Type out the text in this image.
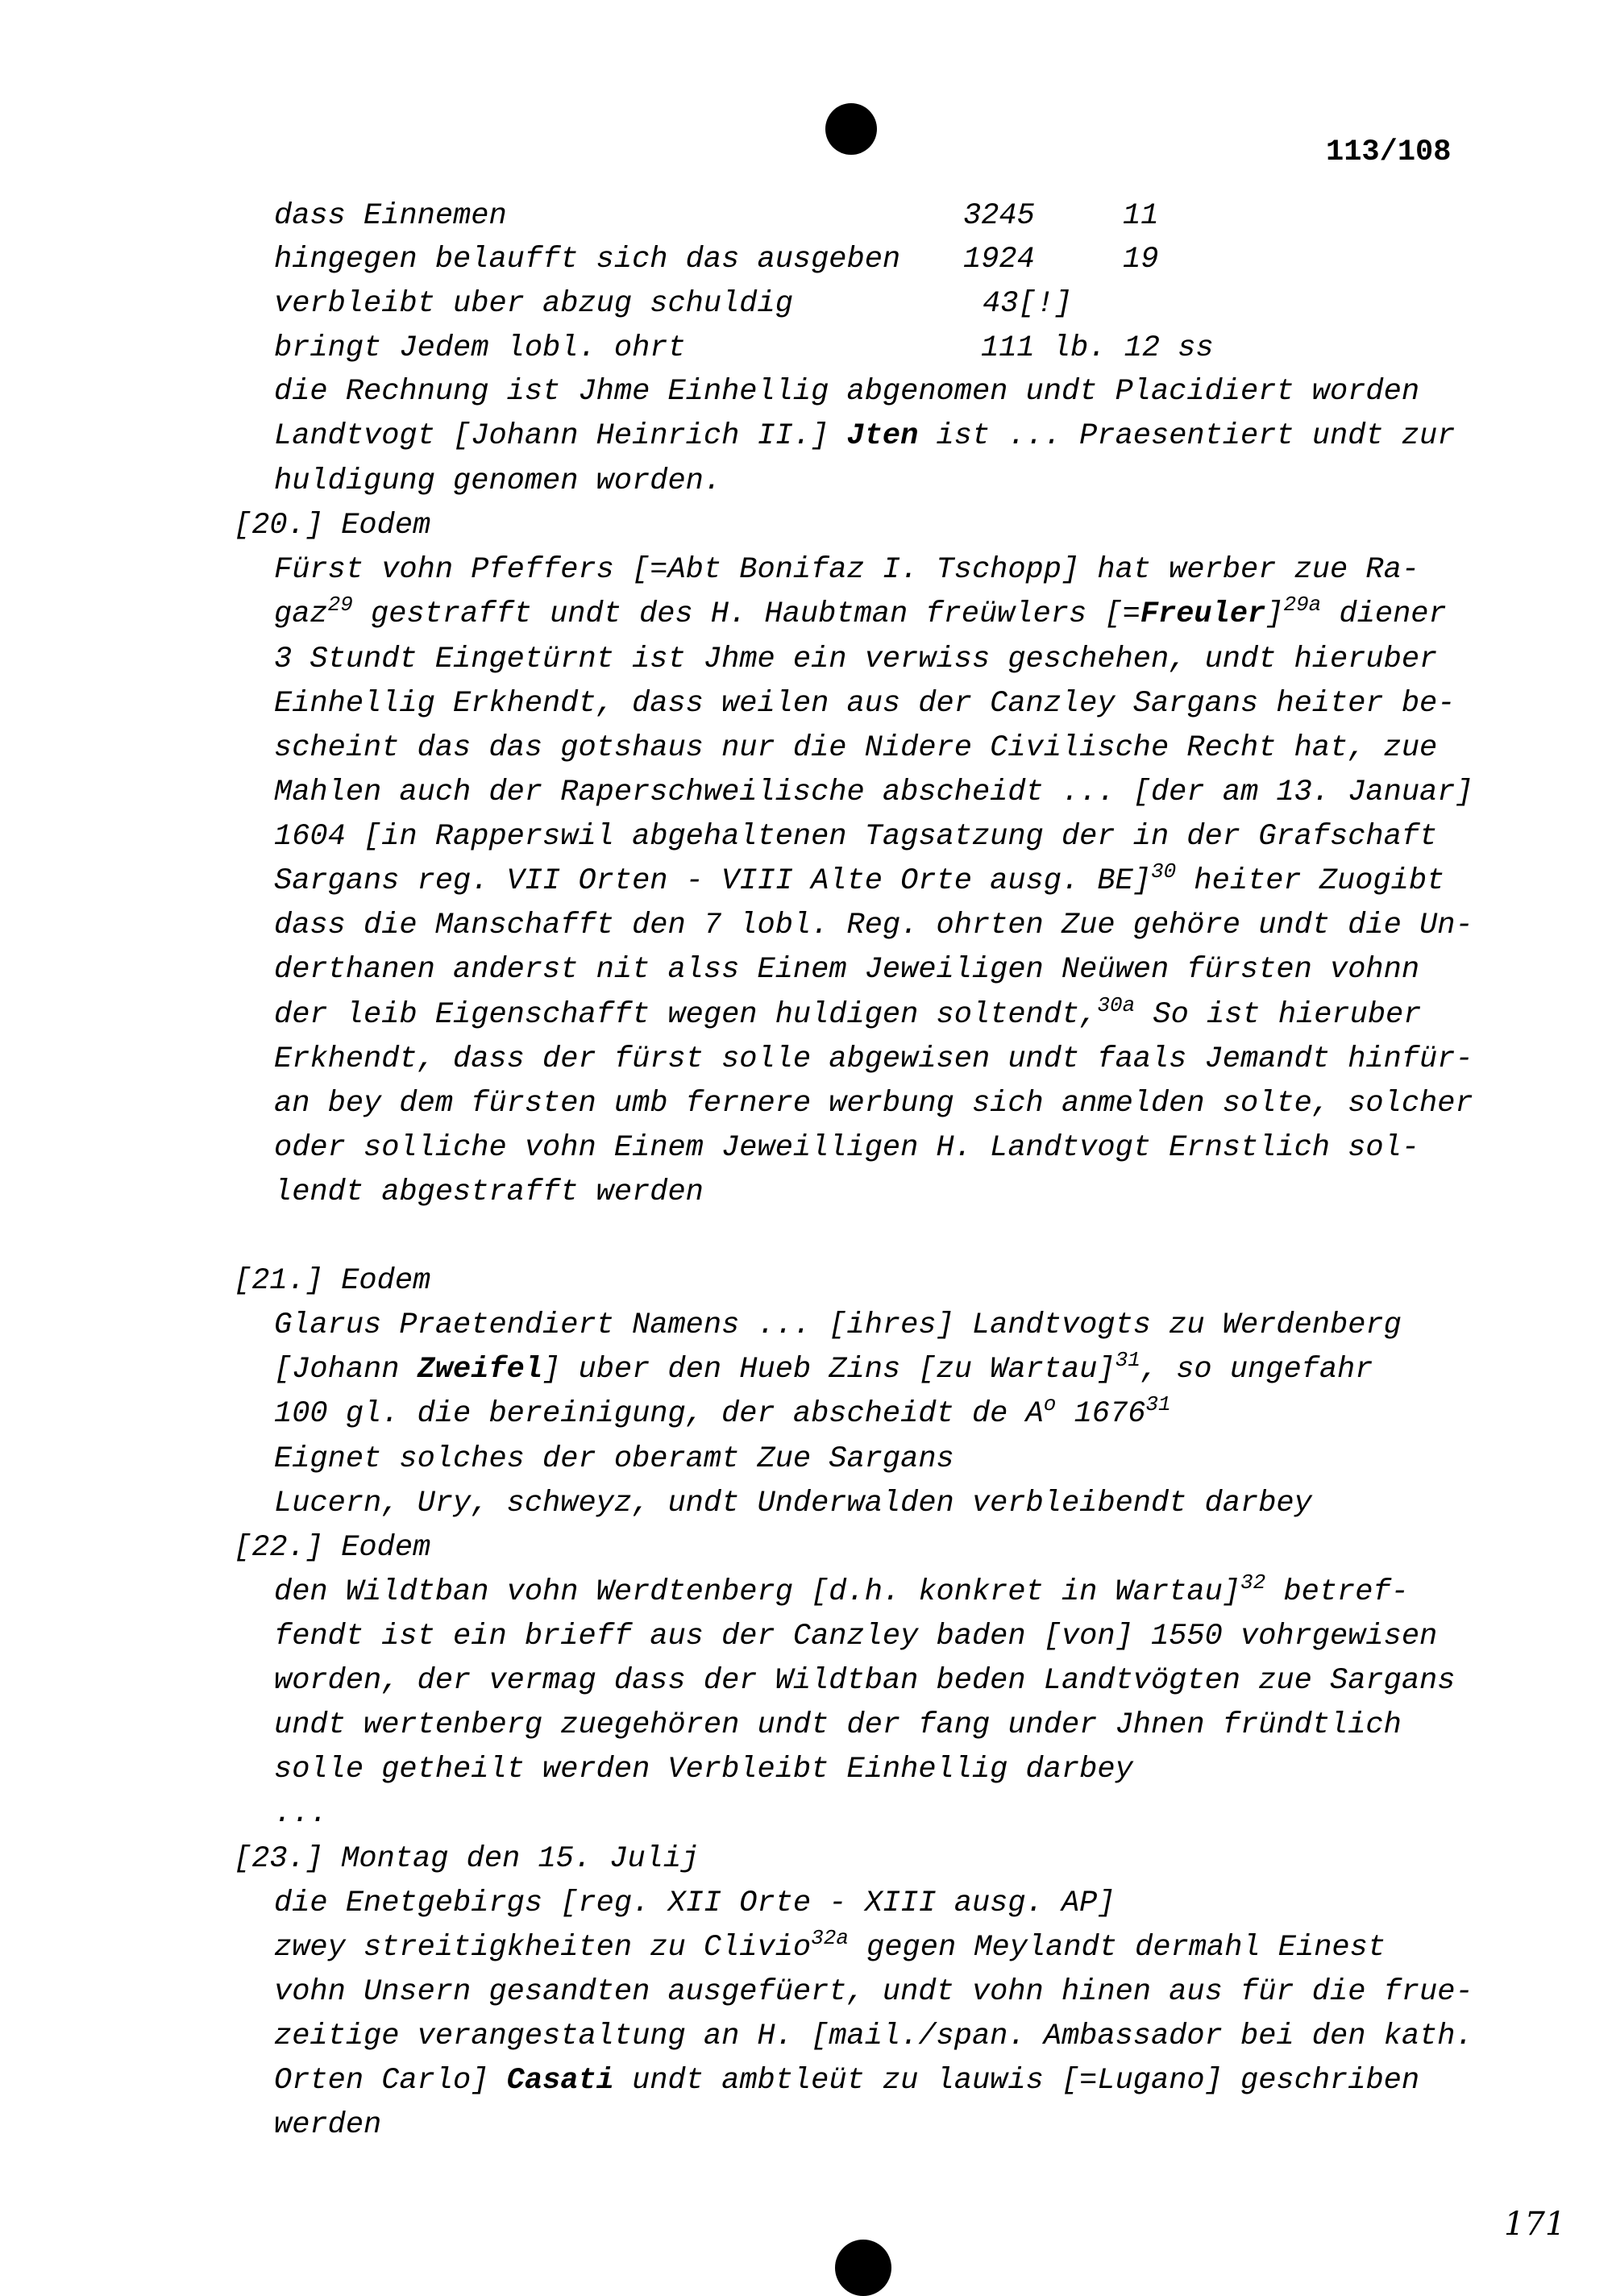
113/108
dass Einnemen	3245	11
hingegen belaufft sich das ausgeben 1924	19
verbleibt uber abzug schuldig	43[!]
bringt Jedem lobl. ohrt	111 lb. 12 ss
die Rechnung ist Jhme Einhellig abgenomen undt Placidiert worden
Landtvogt [Johann Heinrich II.] Jten ist ... Praesentiert undt zur
huldigung genomen worden.
[20.] Eodem
Fürst vohn Pfeffers [=Abt Bonifaz I. Tschopp] hat werber zue Ra-
gaz$^{29}$ gestrafft undt des H. Haubtman freüwlers [=Freuler]$^{29a}$ diener
3 Stundt Eingetürnt ist Jhme ein verwiss geschehen, undt hieruber
Einhellig Erkhendt, dass weilen aus der Canzley Sargans heiter be-
scheint das das gotshaus nur die Nidere Civilische Recht hat, zue
Mahlen auch der Raperschweilische abscheidt ... [der am 13. Januar]
1604 [in Rapperswil abgehaltenen Tagsatzung der in der Grafschaft
Sargans reg. VII Orten - VIII Alte Orte ausg. BE]$^{30}$ heiter Zuogibt
dass die Manschafft den 7 lobl. Reg. ohrten Zue gehöre undt die Un-
derthanen anderst nit alss Einem Jeweiligen Neüwen fürsten vohnn
der leib Eigenschafft wegen huldigen soltendt,$^{30a}$ So ist hieruber
Erkhendt, dass der fürst solle abgewisen undt faals Jemandt hinfür-
an bey dem fürsten umb fernere werbung sich anmelden solte, solcher
oder solliche vohn Einem Jeweilligen H. Landtvogt Ernstlich sol-
lendt abgestrafft werden
[21.] Eodem
Glarus Praetendiert Namens ... [ihres] Landtvogts zu Werdenberg
[Johann Zweifel] uber den Hueb Zins [zu Wartau]$^{31}$, so ungefahr
100 gl. die bereinigung, der abscheidt de $A^o$ 1676$^{31}$
Eignet solches der oberamt Zue Sargans
Lucern, Ury, schweyz, undt Underwalden verbleibendt darbey
[22.] Eodem
den Wildtban vohn Werdtenberg [d.h. konkret in Wartau]$^{32}$ betref-
fendt ist ein brieff aus der Canzley baden [von] 1550 vohrgewisen
worden, der vermag dass der Wildtban beden Landtvögten zue Sargans
undt wertenberg zuegehören undt der fang under Jhnen fründtlich
solle getheilt werden Verbleibt Einhellig darbey
...
[23.] Montag den 15. Julij
die Enetgebirgs [reg. XII Orte - XIII ausg. AP]
zwey streitigkheiten zu Clivio$^{32a}$ gegen Meylandt dermahl Einest
vohn Unsern gesandten ausgefüert, undt vohn hinen aus für die frue-
zeitige verangestaltung an H. [mail./span. Ambassador bei den kath.
Orten Carlo] Casati undt ambtleüt zu lauwis [=Lugano] geschriben
werden
171
